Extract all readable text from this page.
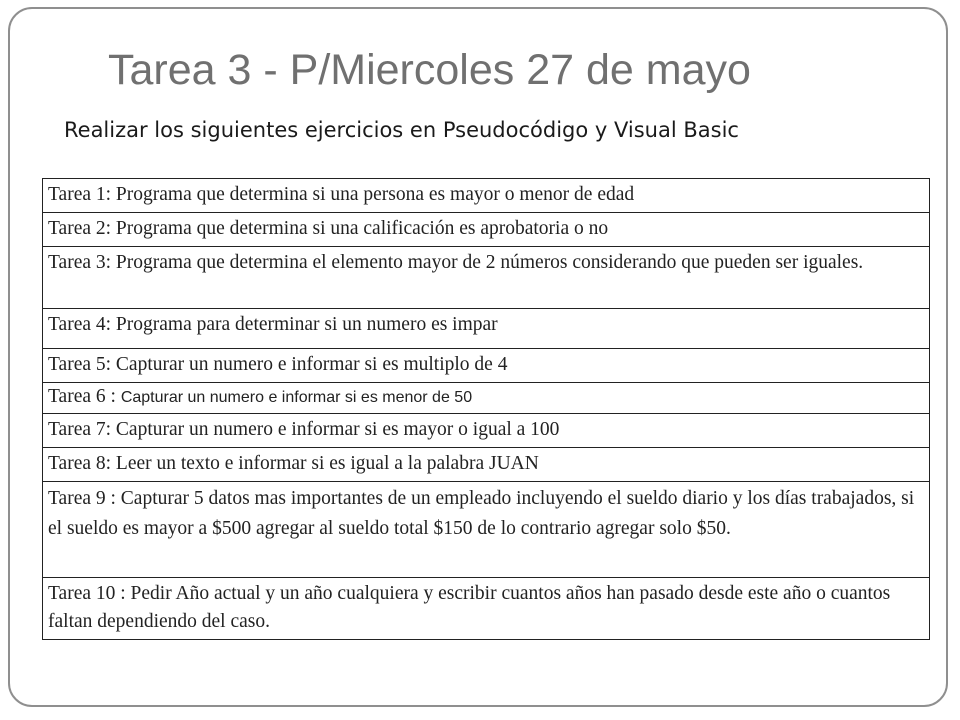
Tarea 3 - P/Miercoles 27 de mayo

Realizar los siguientes ejercicios en Pseudocódigo y Visual Basic

Tarea 1: Programa que determina si una persona es mayor o menor de edad
Tarea 2: Programa que determina si una calificación es aprobatoria o no
Tarea 3: Programa que determina el elemento mayor de 2 números considerando que pueden ser iguales.
Tarea 4: Programa para determinar si un numero es impar
Tarea 5: Capturar un numero e informar si es multiplo de 4
Tarea 6 : Capturar un numero e informar si es menor de 50
Tarea 7: Capturar un numero e informar si es mayor o igual a 100
Tarea 8: Leer un texto e informar si es igual a la palabra JUAN
Tarea 9 : Capturar 5 datos mas importantes de un empleado incluyendo el sueldo diario y los días trabajados, si el sueldo es mayor a $500 agregar al sueldo total $150 de lo contrario agregar solo $50.
Tarea 10 : Pedir Año actual y un año cualquiera y escribir cuantos años han pasado desde este año o cuantos faltan dependiendo del caso.
